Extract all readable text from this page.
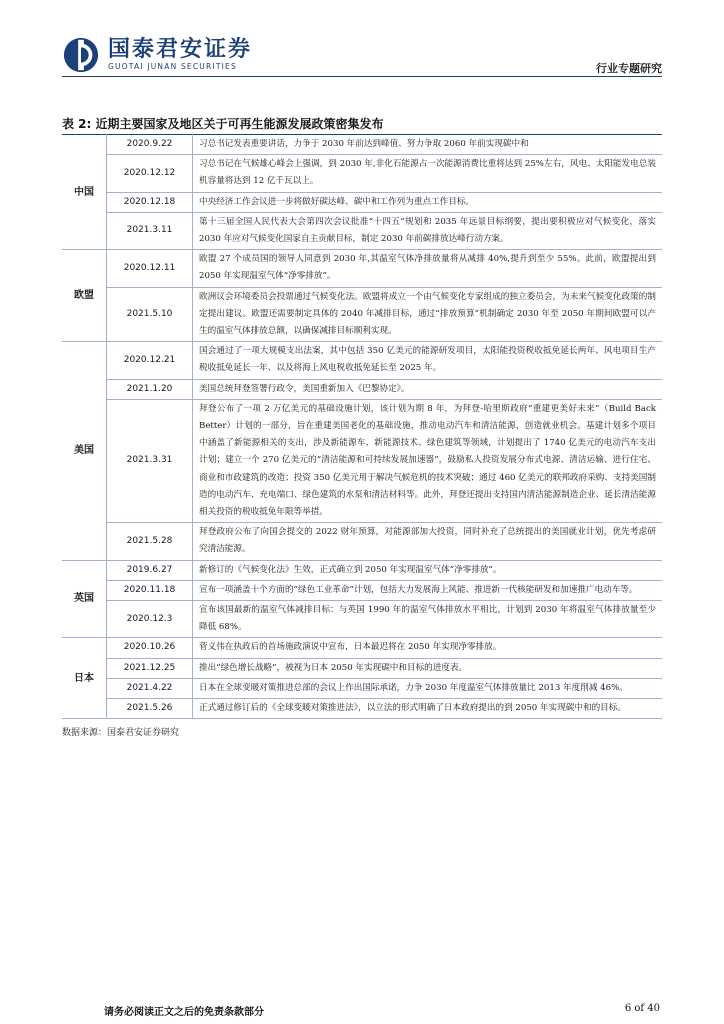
国泰君安证券
GUOTAI JUNAN SECURITIES	行业专题研究
表 2: 近期主要国家及地区关于可再生能源发展政策密集发布
中国	2020.9.22	习总书记发表重要讲话，力争于 2030 年前达到峰值、努力争取 2060 年前实现碳中和
	2020.12.12	习总书记在气候雄心峰会上强调，到 2030 年,非化石能源占一次能源消费比重将达到 25%左右，风电、太阳能发电总装机容量将达到 12 亿千瓦以上。
	2020.12.18	中央经济工作会议进一步将做好碳达峰、碳中和工作列为重点工作目标。
	2021.3.11	第十三届全国人民代表大会第四次会议批准“十四五”规划和 2035 年远景目标纲要，提出要积极应对气候变化，落实 2030 年应对气候变化国家自主贡献目标，制定 2030 年前碳排放达峰行动方案。
欧盟	2020.12.11	欧盟 27 个成员国的领导人同意到 2030 年,其温室气体净排放量将从减排 40%,提升到至少 55%。此前，欧盟提出到 2050 年实现温室气体“净零排放”。
	2021.5.10	欧洲议会环境委员会投票通过气候变化法。欧盟将成立一个由气候变化专家组成的独立委员会，为未来气候变化政策的制定提出建议。欧盟还需要制定具体的 2040 年减排目标，通过“排放预算”机制确定 2030 年至 2050 年期间欧盟可以产生的温室气体排放总额，以确保减排目标顺利实现。
美国	2020.12.21	国会通过了一项大规模支出法案，其中包括 350 亿美元的能源研发项目，太阳能投资税收抵免延长两年、风电项目生产税收抵免延长一年、以及将海上风电税收抵免延长至 2025 年。
	2021.1.20	美国总统拜登签署行政令，美国重新加入《巴黎协定》。
	2021.3.31	拜登公布了一项 2 万亿美元的基础设施计划，该计划为期 8 年，为拜登-哈里斯政府“重建更美好未来”（Build Back Better）计划的一部分，旨在重建美国老化的基础设施，推动电动汽车和清洁能源，创造就业机会。基建计划多个项目中涵盖了新能源相关的支出，涉及新能源车、新能源技术、绿色建筑等领域，计划提出了 1740 亿美元的电动汽车支出计划；建立一个 270 亿美元的“清洁能源和可持续发展加速器”，鼓励私人投资发展分布式电源、清洁运输、进行住宅、商业和市政建筑的改造；投资 350 亿美元用于解决气候危机的技术突破；通过 460 亿美元的联邦政府采购、支持美国制造的电动汽车、充电端口、绿色建筑的水泵和清洁材料等。此外，拜登还提出支持国内清洁能源制造企业、延长清洁能源相关投资的税收抵免年限等举措。
	2021.5.28	拜登政府公布了向国会提交的 2022 财年预算，对能源部加大投资，同时补充了总统提出的美国就业计划，优先考虑研究清洁能源。
英国	2019.6.27	新修订的《气候变化法》生效，正式确立到 2050 年实现温室气体“净零排放”。
	2020.11.18	宣布一项涵盖十个方面的“绿色工业革命”计划，包括大力发展海上风能、推进新一代核能研发和加速推广电动车等。
	2020.12.3	宣布该国最新的温室气体减排目标：与英国 1990 年的温室气体排放水平相比，计划到 2030 年将温室气体排放量至少降低 68%。
日本	2020.10.26	菅义伟在执政后的首场施政演说中宣布，日本最迟将在 2050 年实现净零排放。
	2021.12.25	推出“绿色增长战略”，被视为日本 2050 年实现碳中和目标的进度表。
	2021.4.22	日本在全球变暖对策推进总部的会议上作出国际承诺，力争 2030 年度温室气体排放量比 2013 年度削减 46%。
	2021.5.26	正式通过修订后的《全球变暖对策推进法》，以立法的形式明确了日本政府提出的到 2050 年实现碳中和的目标。
数据来源：国泰君安证券研究
请务必阅读正文之后的免责条款部分	6 of 40
